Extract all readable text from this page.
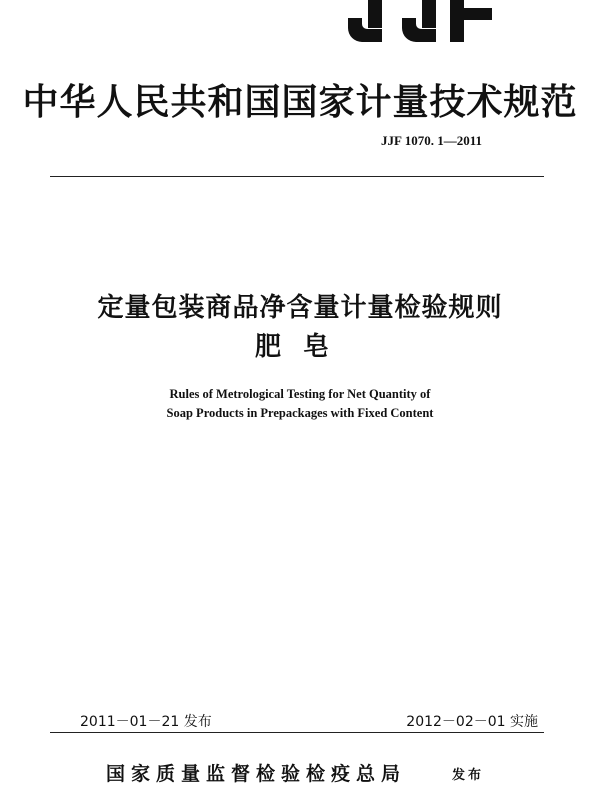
中华人民共和国国家计量技术规范
JJF 1070. 1—2011
定量包装商品净含量计量检验规则
肥皂
Rules of Metrological Testing for Net Quantity of
Soap Products in Prepackages with Fixed Content
2011－01－21 发布	2012－02－01 实施
国家质量监督检验检疫总局	发布
